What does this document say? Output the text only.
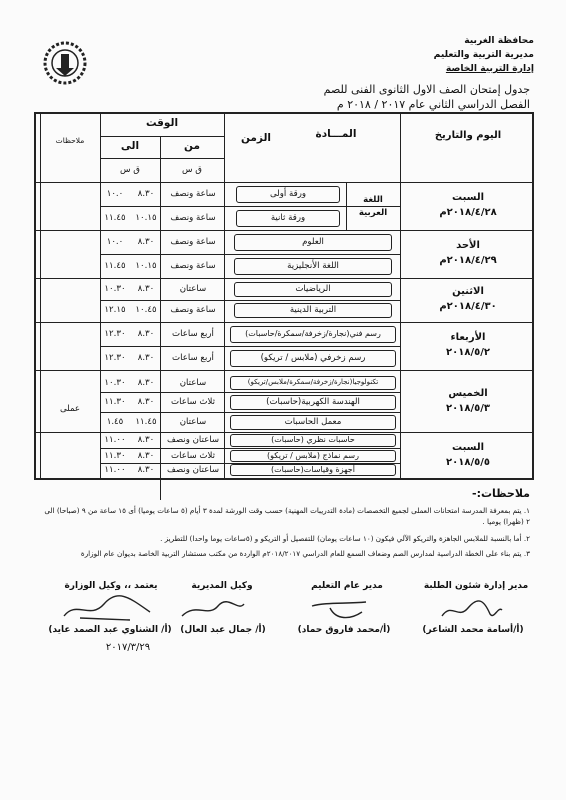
محافظة الغربية
مديرية التربية والتعليم
إدارة التربية الخاصة
جدول إمتحان الصف الاول الثانوى الفنى للصم
الفصل الدراسي الثاني عام ٢٠١٧ / ٢٠١٨ م
اليوم والتاريخ
المـــادة
الزمن
الوقت
من
الى
ق س
ق س
ملاحظات
السبت
٢٠١٨/٤/٢٨م
الأحد
٢٠١٨/٤/٢٩م
الاثنين
٢٠١٨/٤/٣٠م
الأربعاء
٢٠١٨/٥/٢
الخميس
٢٠١٨/٥/٣
السبت
٢٠١٨/٥/٥
اللغة العربية
ورقة أولى
ورقة ثانية
العلوم
اللغة الأنجليزية
الرياضيات
التربية الدينية
رسم فني(نجارة/زخرفة/سمكرة/حاسبات)
رسم زخرفي (ملابس / تريكو)
تكنولوجيا(نجارة/زخرفة/سمكرة/ملابس/تريكو)
الهندسة الكهربية(حاسبات)
معمل الحاسبات
حاسبات نظري (حاسبات)
رسم نماذج (ملابس / تريكو)
أجهزة وقياسات(حاسبات)
ساعة ونصف
ساعة ونصف
ساعة ونصف
ساعة ونصف
ساعتان
ساعة ونصف
أربع ساعات
أربع ساعات
ساعتان
ثلاث ساعات
ساعتان
ساعتان ونصف
ثلاث ساعات
ساعتان ونصف
٨.٣٠
١٠.١٥
٨.٣٠
١٠.١٥
٨.٣٠
١٠.٤٥
٨.٣٠
٨.٣٠
٨.٣٠
٨.٣٠
١١.٤٥
٨.٣٠
٨.٣٠
٨.٣٠
١٠.٠
١١.٤٥
١٠.٠
١١.٤٥
١٠.٣٠
١٢.١٥
١٢.٣٠
١٢.٣٠
١٠.٣٠
١١.٣٠
١.٤٥
١١.٠٠
١١.٣٠
١١.٠٠
عملى
ملاحظات:-
١. يتم بمعرفة المدرسة امتحانات العملى لجميع التخصصات (مادة التدريبات المهنية) حسب وقت الورشة لمدة ٣ أيام (٥ ساعات يوميا) أى ١٥ ساعة من ٩ (صباحا) الى ٢ (ظهرا) يوميا .
٢. أما بالنسبة للملابس الجاهزة والتريكو الآلي فيكون (١٠ ساعات يومان) للتفصيل أو التريكو و (٥ساعات يوما واحدا) للتطريز .
٣. يتم بناء على الخطة الدراسية لمدارس الصم وضعاف السمع للعام الدراسي ٢٠١٨/٢٠١٧م الواردة من مكتب مستشار التربية الخاصة بديوان عام الوزارة
مدير إدارة شئون الطلبة
مدير عام التعليم
وكيل المديرية
يعتمد ،، وكيل الوزارة
(أ/أسامة محمد الشاعر)
(أ/محمد فاروق حماد)
(أ/ جمال عبد العال)
(أ/ الشناوي عبد الصمد عايد)
٢٠١٧/٣/٢٩
